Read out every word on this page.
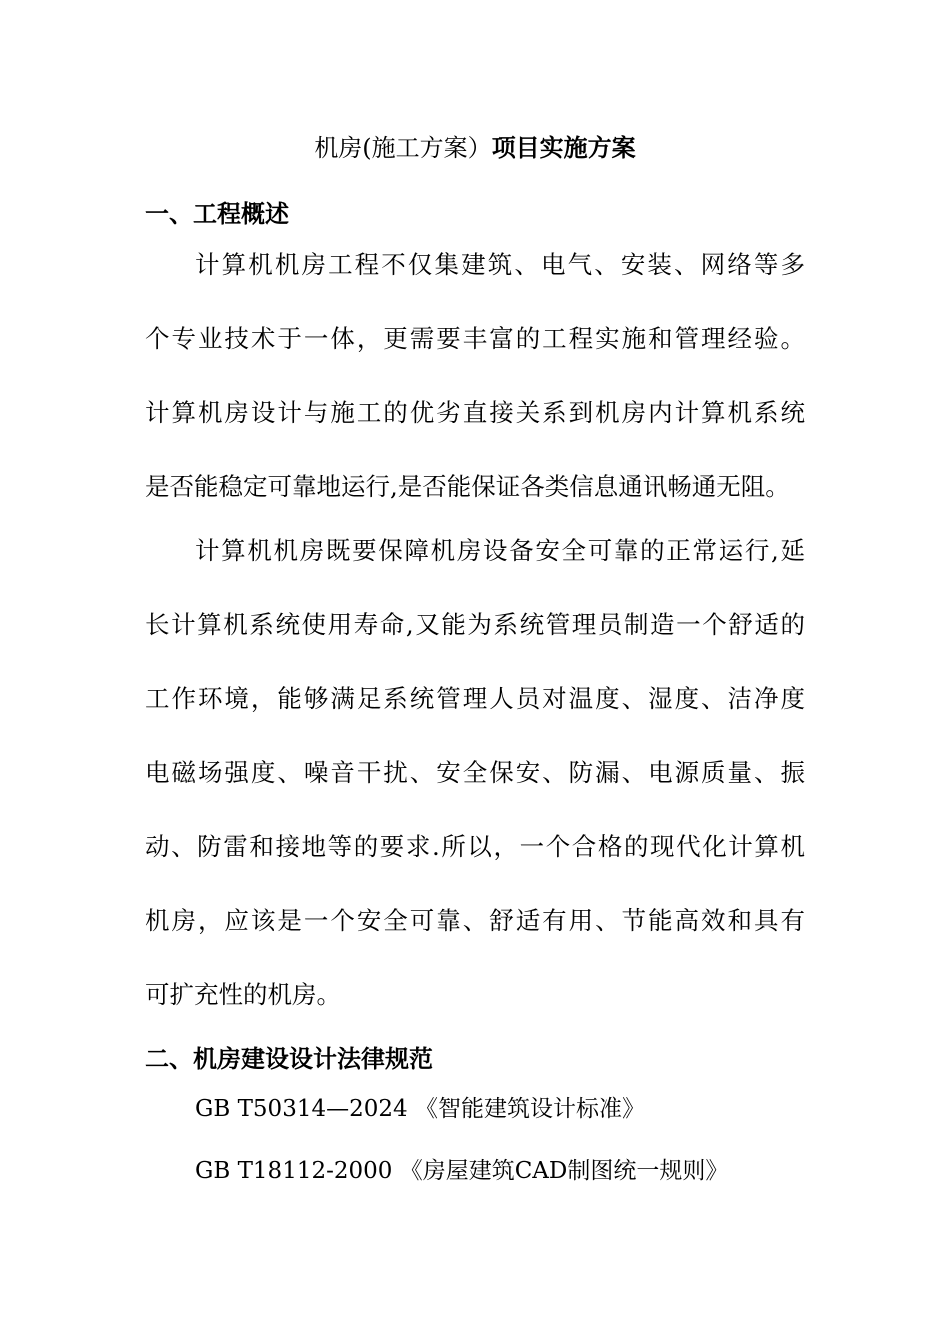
机房(施工方案）项目实施方案
一、工程概述
计算机机房工程不仅集建筑、电气、安装、网络等多
个专业技术于一体，更需要丰富的工程实施和管理经验。
计算机房设计与施工的优劣直接关系到机房内计算机系统
是否能稳定可靠地运行,是否能保证各类信息通讯畅通无阻。
计算机机房既要保障机房设备安全可靠的正常运行,延
长计算机系统使用寿命,又能为系统管理员制造一个舒适的
工作环境，能够满足系统管理人员对温度、湿度、洁净度
电磁场强度、噪音干扰、安全保安、防漏、电源质量、振
动、防雷和接地等的要求.所以，一个合格的现代化计算机
机房，应该是一个安全可靠、舒适有用、节能高效和具有
可扩充性的机房。
二、机房建设设计法律规范
GB T50314—2024 《智能建筑设计标准》
GB T18112-2000 《房屋建筑CAD制图统一规则》
